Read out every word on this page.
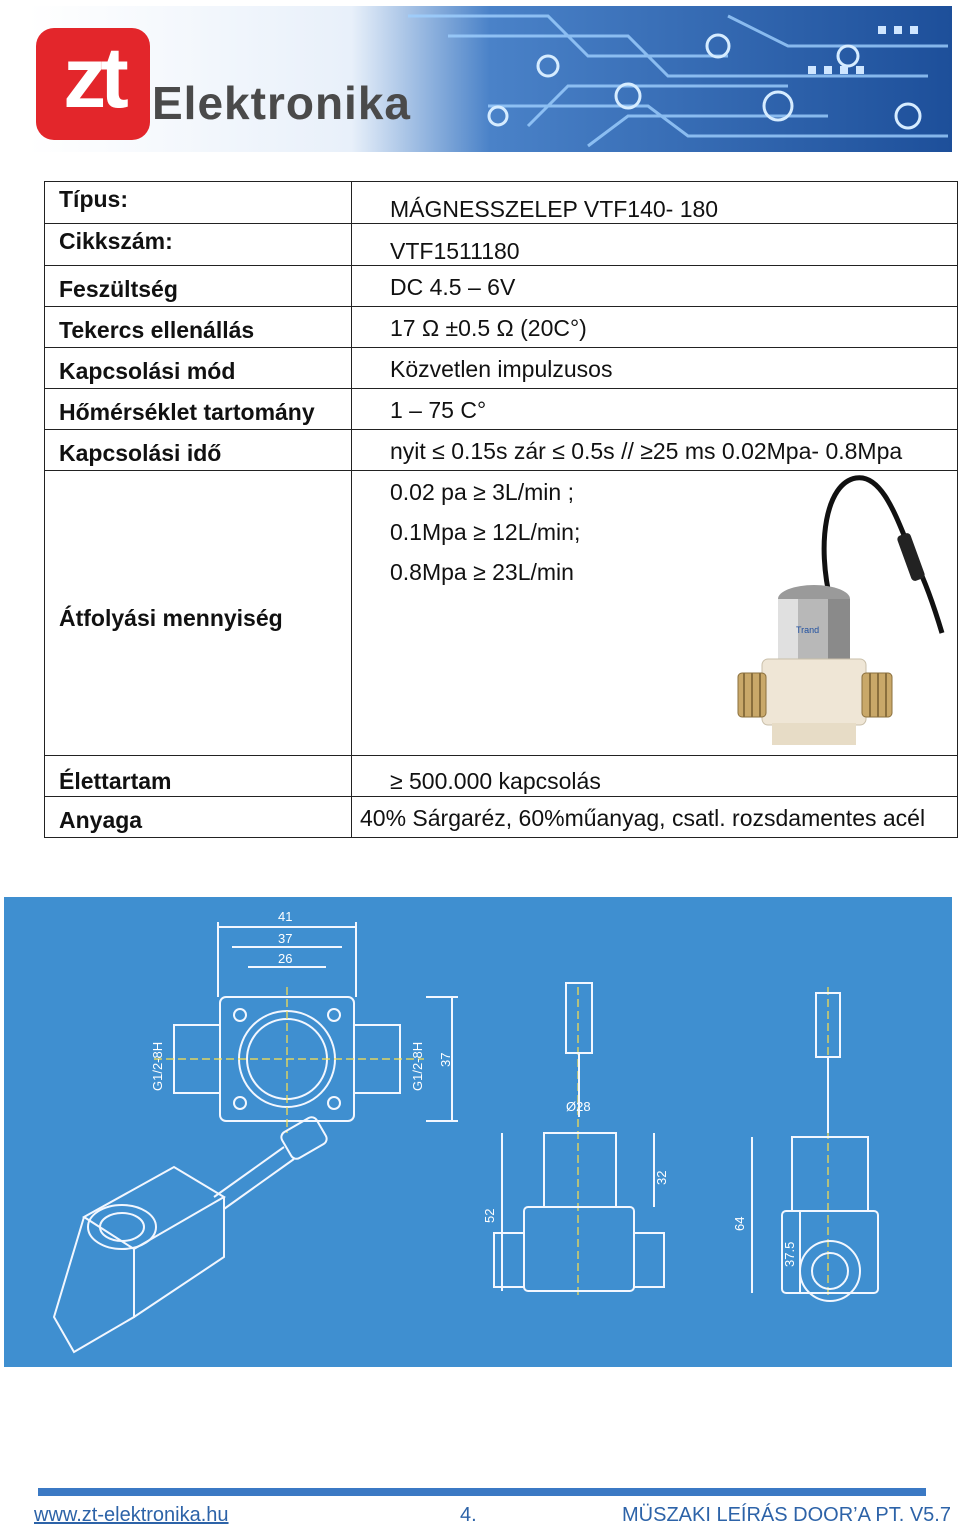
zt Elektronika
Típus:	MÁGNESSZELEP VTF140- 180

Cikkszám:	VTF1511180

Feszültség	DC 4.5 – 6V

Tekercs ellenállás	17 Ω ±0.5 Ω (20C°)

Kapcsolási mód	Közvetlen impulzusos

Hőmérséklet tartomány	1 – 75 C°

Kapcsolási idő	nyit ≤ 0.15s zár ≤ 0.5s // ≥25 ms 0.02Mpa- 0.8Mpa

Átfolyási mennyiség	0.02 pa ≥ 3L/min ;
0.1Mpa ≥ 12L/min;
0.8Mpa ≥ 23L/min
Trand

Élettartam	≥ 500.000 kapcsolás

Anyaga	40% Sárgaréz, 60%műanyag, csatl. rozsdamentes acél
41
37
26
G1/2-8H	G1/2-8H 37
Ø28
32
52
64
37.5
www.zt-elektronika.hu	4.	MÜSZAKI LEÍRÁS DOOR’A PT. V5.7
